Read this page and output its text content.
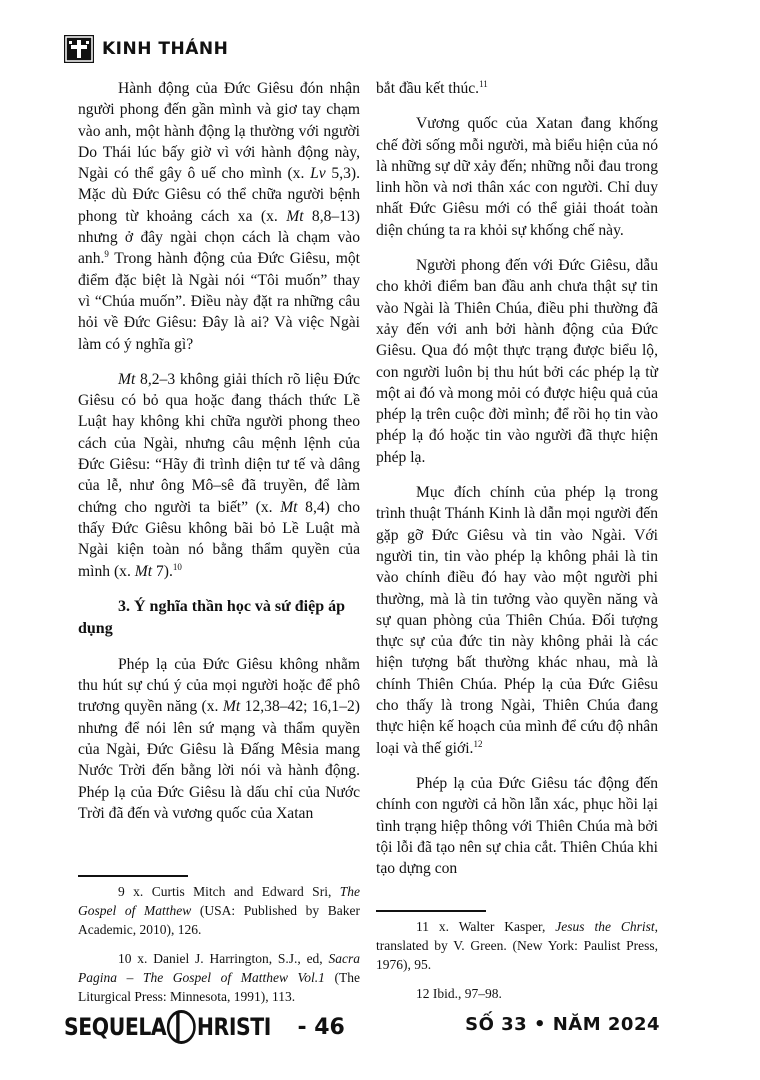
KINH THÁNH

Hành động của Đức Giêsu đón nhận người phong đến gần mình và giơ tay chạm vào anh, một hành động lạ thường với người Do Thái lúc bấy giờ vì với hành động này, Ngài có thể gây ô uế cho mình (x. Lv 5,3). Mặc dù Đức Giêsu có thể chữa người bệnh phong từ khoảng cách xa (x. Mt 8,8–13) nhưng ở đây ngài chọn cách là chạm vào anh.$^9$ Trong hành động của Đức Giêsu, một điểm đặc biệt là Ngài nói “Tôi muốn” thay vì “Chúa muốn”. Điều này đặt ra những câu hỏi về Đức Giêsu: Đây là ai? Và việc Ngài làm có ý nghĩa gì?

Mt 8,2–3 không giải thích rõ liệu Đức Giêsu có bỏ qua hoặc đang thách thức Lề Luật hay không khi chữa người phong theo cách của Ngài, nhưng câu mệnh lệnh của Đức Giêsu: “Hãy đi trình diện tư tế và dâng của lễ, như ông Mô–sê đã truyền, để làm chứng cho người ta biết” (x. Mt 8,4) cho thấy Đức Giêsu không bãi bỏ Lề Luật mà Ngài kiện toàn nó bằng thẩm quyền của mình (x. Mt 7).$^{10}$

3. Ý nghĩa thần học và sứ điệp áp dụng

Phép lạ của Đức Giêsu không nhằm thu hút sự chú ý của mọi người hoặc để phô trương quyền năng (x. Mt 12,38–42; 16,1–2) nhưng để nói lên sứ mạng và thẩm quyền của Ngài, Đức Giêsu là Đấng Mêsia mang Nước Trời đến bằng lời nói và hành động. Phép lạ của Đức Giêsu là dấu chỉ của Nước Trời đã đến và vương quốc của Xatan

9 x. Curtis Mitch and Edward Sri, The Gospel of Matthew (USA: Published by Baker Academic, 2010), 126.

10 x. Daniel J. Harrington, S.J., ed, Sacra Pagina – The Gospel of Matthew Vol.1 (The Liturgical Press: Minnesota, 1991), 113.

bắt đầu kết thúc.$^{11}$

Vương quốc của Xatan đang khống chế đời sống mỗi người, mà biểu hiện của nó là những sự dữ xảy đến; những nỗi đau trong linh hồn và nơi thân xác con người. Chỉ duy nhất Đức Giêsu mới có thể giải thoát toàn diện chúng ta ra khỏi sự khống chế này.

Người phong đến với Đức Giêsu, dẫu cho khởi điểm ban đầu anh chưa thật sự tin vào Ngài là Thiên Chúa, điều phi thường đã xảy đến với anh bởi hành động của Đức Giêsu. Qua đó một thực trạng được biểu lộ, con người luôn bị thu hút bởi các phép lạ từ một ai đó và mong mỏi có được hiệu quả của phép lạ trên cuộc đời mình; để rồi họ tin vào phép lạ đó hoặc tin vào người đã thực hiện phép lạ.

Mục đích chính của phép lạ trong trình thuật Thánh Kinh là dẫn mọi người đến gặp gỡ Đức Giêsu và tin vào Ngài. Với người tin, tin vào phép lạ không phải là tin vào chính điều đó hay vào một người phi thường, mà là tin tưởng vào quyền năng và sự quan phòng của Thiên Chúa. Đối tượng thực sự của đức tin này không phải là các hiện tượng bất thường khác nhau, mà là chính Thiên Chúa. Phép lạ của Đức Giêsu cho thấy là trong Ngài, Thiên Chúa đang thực hiện kế hoạch của mình để cứu độ nhân loại và thế giới.$^{12}$

Phép lạ của Đức Giêsu tác động đến chính con người cả hồn lẫn xác, phục hồi lại tình trạng hiệp thông với Thiên Chúa mà bởi tội lỗi đã tạo nên sự chia cắt. Thiên Chúa khi tạo dựng con

11 x. Walter Kasper, Jesus the Christ, translated by V. Green. (New York: Paulist Press, 1976), 95.

12 Ibid., 97–98.

SEQUELA HRISTI - 46	SỐ 33 • NĂM 2024
